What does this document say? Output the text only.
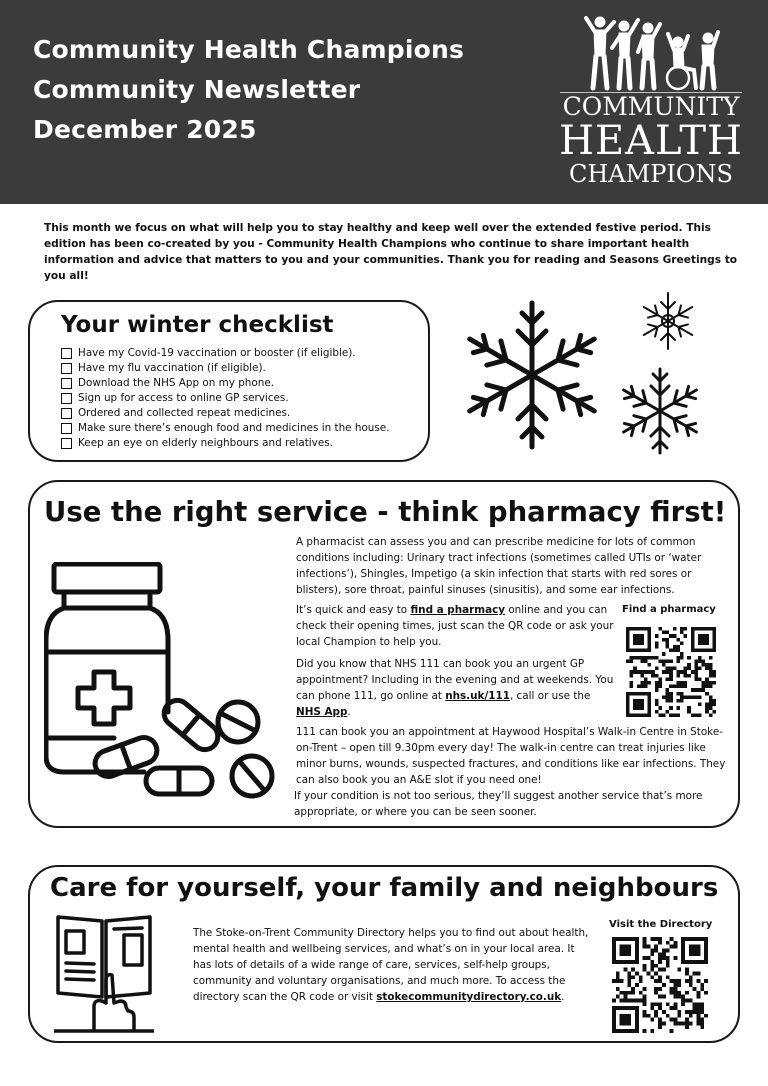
Community Health Champions
Community Newsletter
December 2025
COMMUNITY
HEALTH
CHAMPIONS

This month we focus on what will help you to stay healthy and keep well over the extended festive period. This edition has been co-created by you - Community Health Champions who continue to share important health information and advice that matters to you and your communities. Thank you for reading and Seasons Greetings to you all!

Your winter checklist
Have my Covid-19 vaccination or booster (if eligible).
Have my flu vaccination (if eligible).
Download the NHS App on my phone.
Sign up for access to online GP services.
Ordered and collected repeat medicines.
Make sure there’s enough food and medicines in the house.
Keep an eye on elderly neighbours and relatives.
Use the right service - think pharmacy first!

A pharmacist can assess you and can prescribe medicine for lots of common conditions including: Urinary tract infections (sometimes called UTIs or ‘water infections’), Shingles, Impetigo (a skin infection that starts with red sores or blisters), sore throat, painful sinuses (sinusitis), and some ear infections.

It’s quick and easy to find a pharmacy online and you can check their opening times, just scan the QR code or ask your local Champion to help you.

Did you know that NHS 111 can book you an urgent GP appointment? Including in the evening and at weekends. You can phone 111, go online at nhs.uk/111, call or use the NHS App.

111 can book you an appointment at Haywood Hospital’s Walk-in Centre in Stoke-on-Trent – open till 9.30pm every day! The walk-in centre can treat injuries like minor burns, wounds, suspected fractures, and conditions like ear infections. They can also book you an A&E slot if you need one!

If your condition is not too serious, they’ll suggest another service that’s more appropriate, or where you can be seen sooner.

Find a pharmacy
Care for yourself, your family and neighbours

The Stoke-on-Trent Community Directory helps you to find out about health, mental health and wellbeing services, and what’s on in your local area. It has lots of details of a wide range of care, services, self-help groups, community and voluntary organisations, and much more. To access the directory scan the QR code or visit stokecommunitydirectory.co.uk.

Visit the Directory
